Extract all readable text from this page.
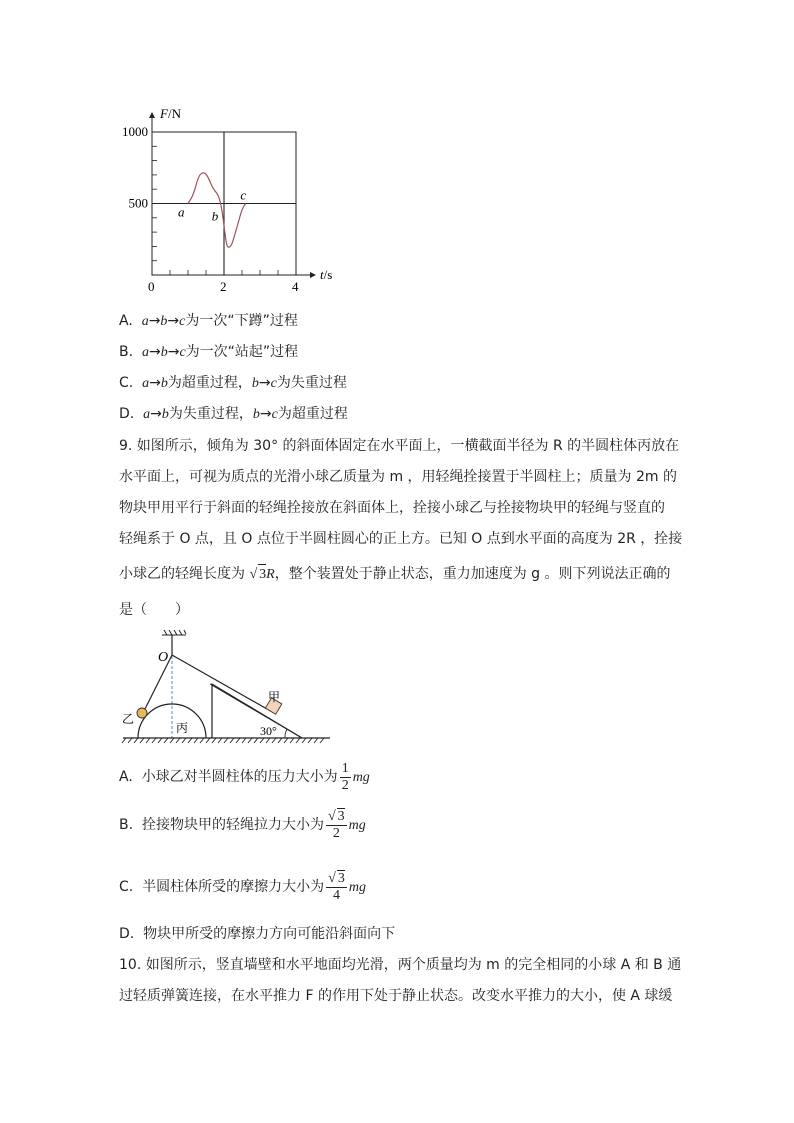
0	2	4
1000
500
F/N
t/s
a b
c
A. a→b→c为一次“下蹲”过程
B. a→b→c为一次“站起”过程
C. a→b为超重过程，b→c为失重过程
D. a→b为失重过程，b→c为超重过程
9. 如图所示，倾角为 30° 的斜面体固定在水平面上，一横截面半径为 R 的半圆柱体丙放在
水平面上，可视为质点的光滑小球乙质量为 m ，用轻绳拴接置于半圆柱上；质量为 2m 的
物块甲用平行于斜面的轻绳拴接放在斜面体上，拴接小球乙与拴接物块甲的轻绳与竖直的
轻绳系于 O 点，且 O 点位于半圆柱圆心的正上方。已知 O 点到水平面的高度为 2R ，拴接
小球乙的轻绳长度为 √ 3R，整个装置处于静止状态，重力加速度为 g 。则下列说法正确的
是（　　）
O
甲
乙
丙	30°
A. 小球乙对半圆柱体的压力大小为 $\frac{1}{2}$ mg
B. 拴接物块甲的轻绳拉力大小为 $\frac{√ 3}{2}$ mg
C. 半圆柱体所受的摩擦力大小为 $\frac{√ 3}{4}$ mg
D. 物块甲所受的摩擦力方向可能沿斜面向下
10. 如图所示，竖直墙壁和水平地面均光滑，两个质量均为 m 的完全相同的小球 A 和 B 通
过轻质弹簧连接，在水平推力 F 的作用下处于静止状态。改变水平推力的大小，使 A 球缓
